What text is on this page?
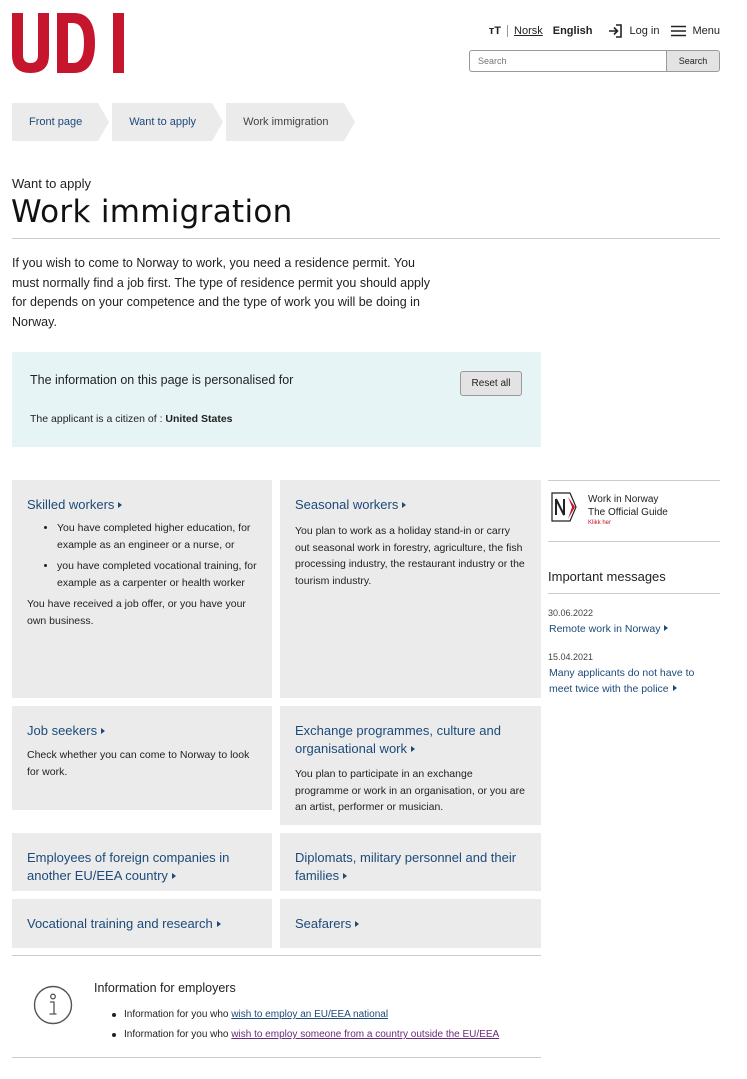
ᴛT	Norsk English	Log in	Menu
Search
Search
Front page	Want to apply	Work immigration
Want to apply
Work immigration

If you wish to come to Norway to work, you need a residence permit. You must normally find a job first. The type of residence permit you should apply for depends on your competence and the type of work you will be doing in Norway.

The information on this page is personalised for
The applicant is a citizen of : United States
Reset all
Skilled workers
• You have completed higher education, for example as an engineer or a nurse, or
• you have completed vocational training, for example as a carpenter or health worker
You have received a job offer, or you have your own business.
Seasonal workers
You plan to work as a holiday stand-in or carry out seasonal work in forestry, agriculture, the fish processing industry, the restaurant industry or the tourism industry.
Job seekers
Check whether you can come to Norway to look for work.
Exchange programmes, culture and organisational work
You plan to participate in an exchange programme or work in an organisation, or you are an artist, performer or musician.
Employees of foreign companies in another EU/EEA country
Diplomats, military personnel and their families
Vocational training and research	Seafarers
Work in Norway
The Official Guide
Klikk her
Important messages
30.06.2022
Remote work in Norway
15.04.2021
Many applicants do not have to meet twice with the police
Information for employers
Information for you who wish to employ an EU/EEA national
Information for you who wish to employ someone from a country outside the EU/EEA
